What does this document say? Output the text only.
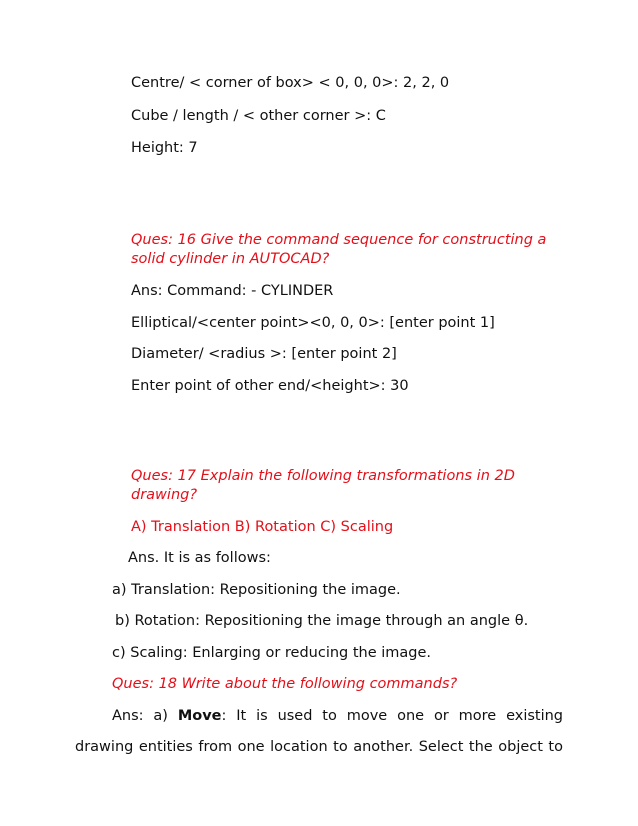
Centre/ < corner of box> < 0, 0, 0>: 2, 2, 0
Cube / length / < other corner >: C
Height: 7
Ques: 16 Give the command sequence for constructing a
solid cylinder in AUTOCAD?
Ans: Command: - CYLINDER
Elliptical/<center point><0, 0, 0>: [enter point 1]
Diameter/ <radius >: [enter point 2]
Enter point of other end/<height>: 30
Ques: 17 Explain the following transformations in 2D
drawing?
A) Translation B) Rotation C) Scaling
Ans. It is as follows:
a) Translation: Repositioning the image.
b) Rotation: Repositioning the image through an angle θ.
c) Scaling: Enlarging or reducing the image.
Ques: 18 Write about the following commands?
Ans: a) Move: It is used to move one or more existing
drawing entities from one location to another. Select the object to
